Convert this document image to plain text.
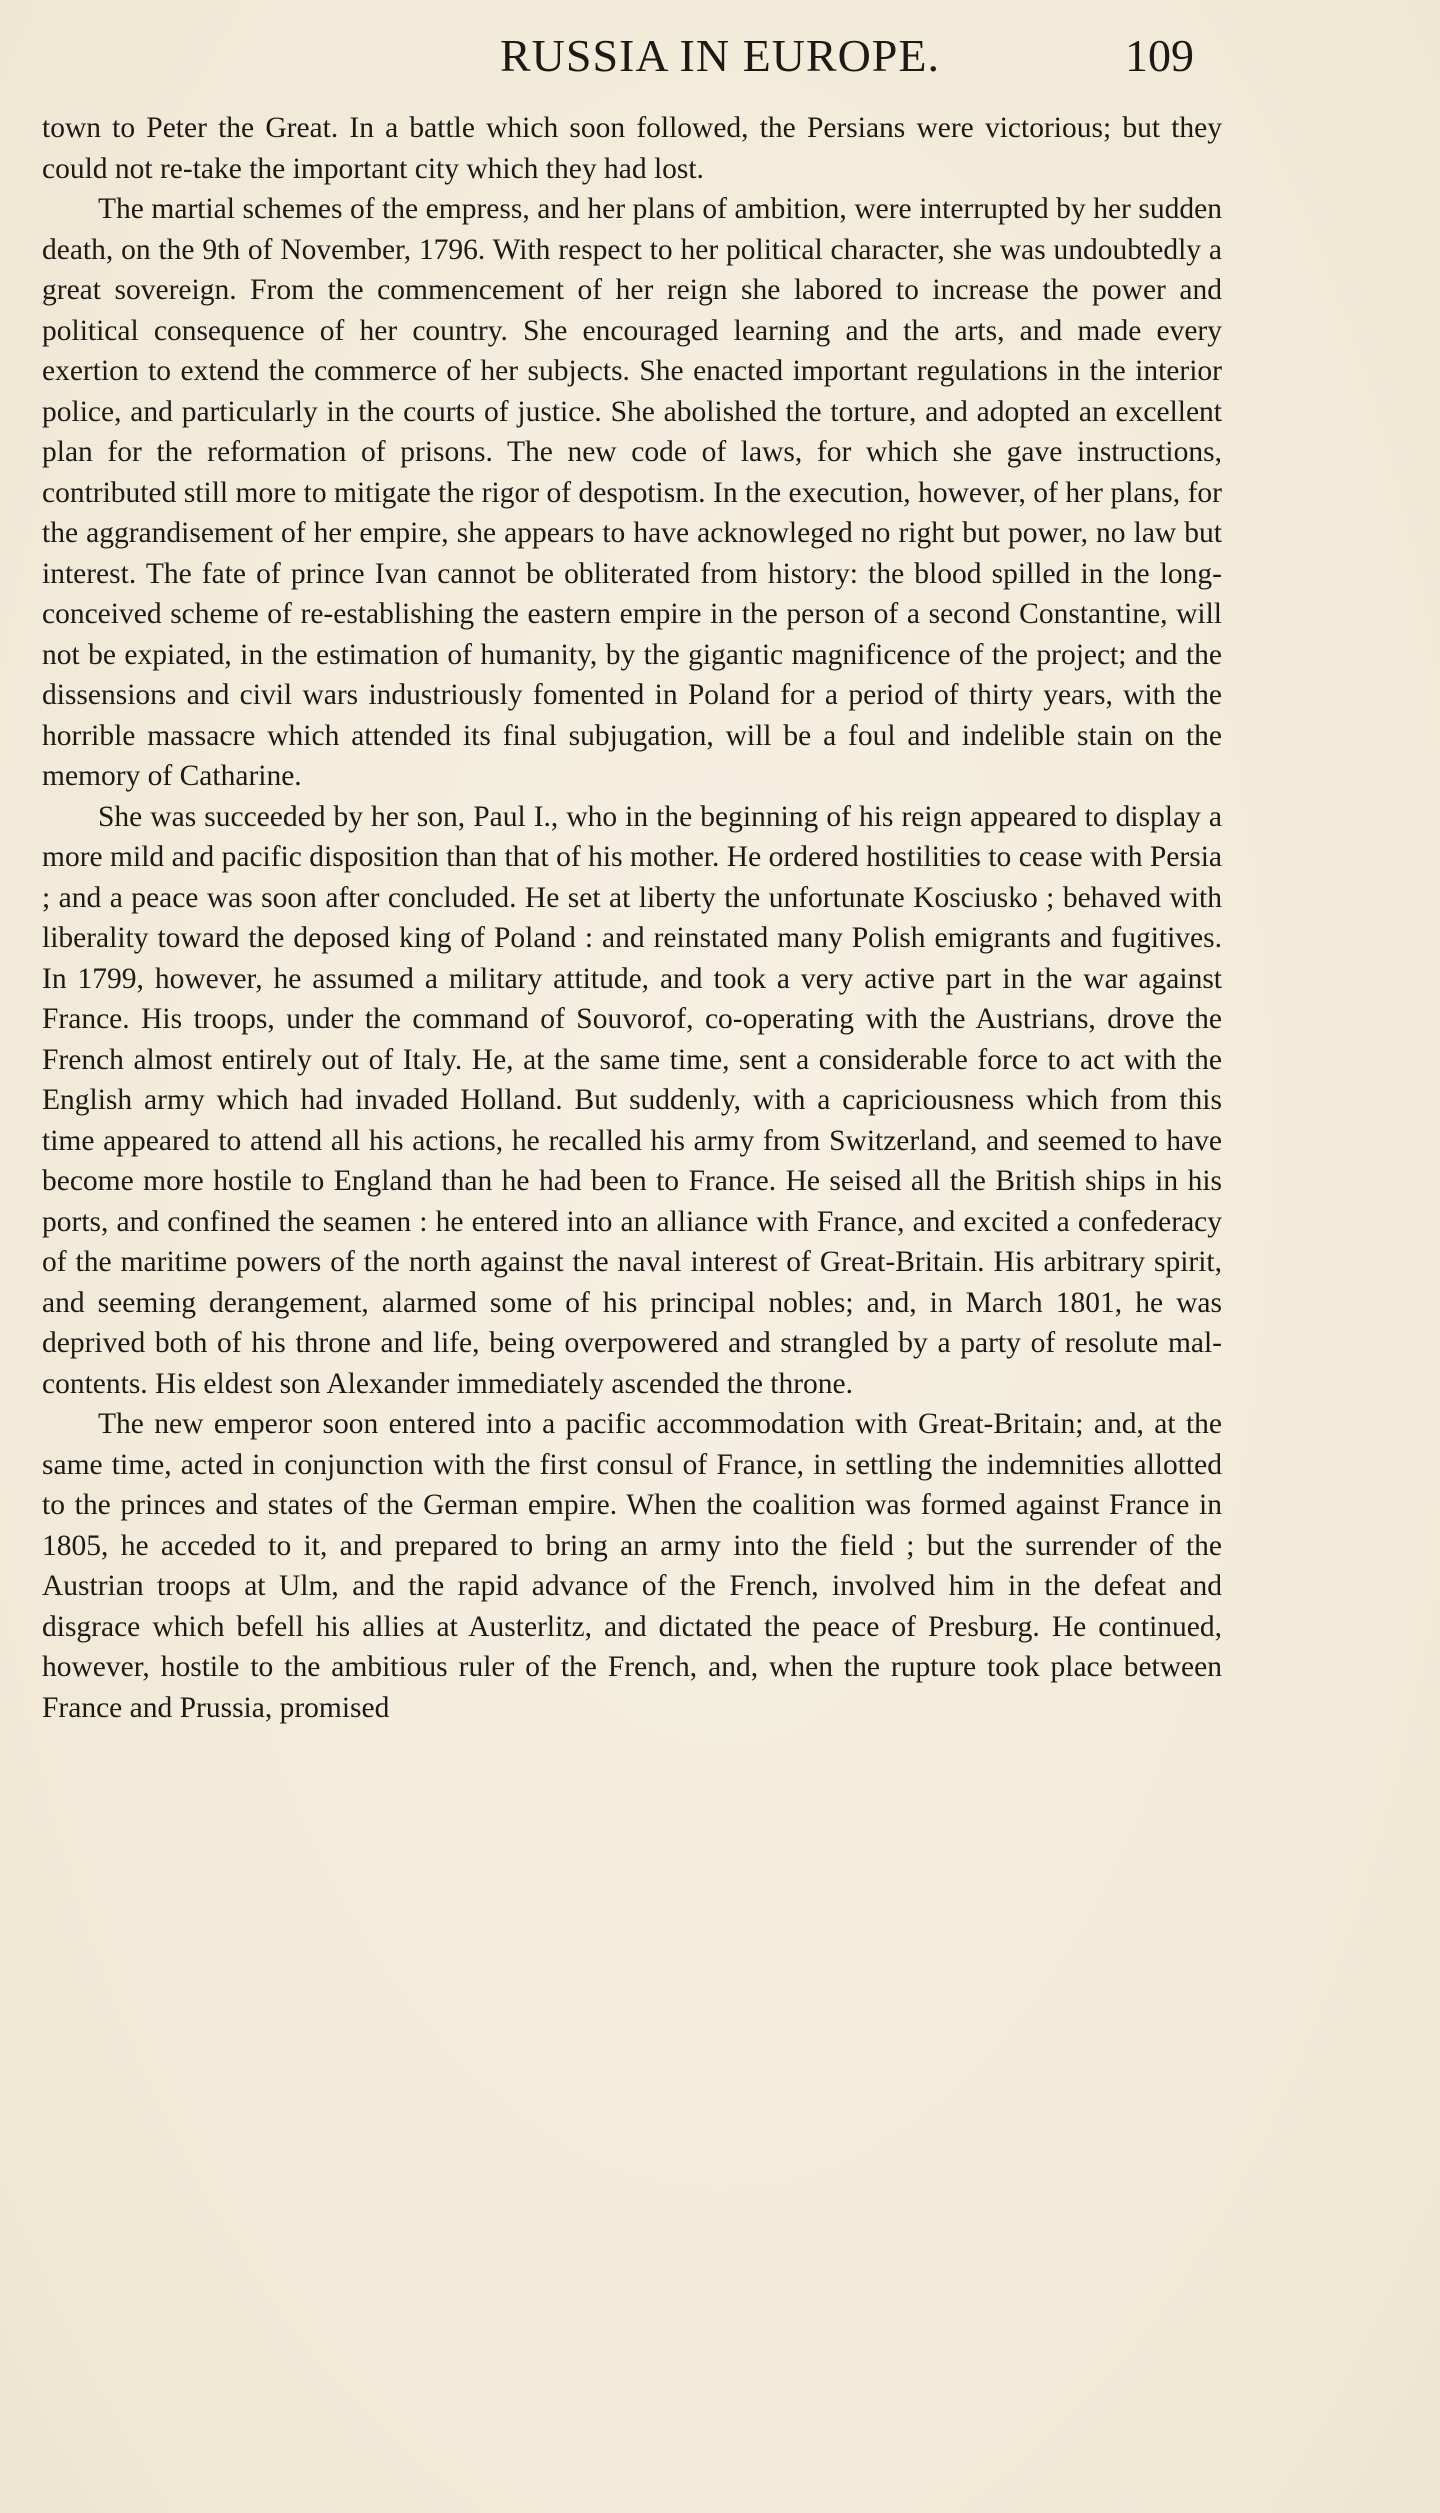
RUSSIA IN EUROPE.	109

town to Peter the Great. In a battle which soon followed, the Persians were victorious; but they could not re-take the important city which they had lost.

The martial schemes of the empress, and her plans of ambition, were interrupted by her sudden death, on the 9th of November, 1796. With respect to her political character, she was undoubtedly a great sovereign. From the commencement of her reign she labored to increase the power and political consequence of her country. She encouraged learning and the arts, and made every exertion to extend the commerce of her subjects. She enacted important regulations in the interior police, and particularly in the courts of justice. She abolished the torture, and adopted an excellent plan for the reformation of prisons. The new code of laws, for which she gave instructions, contributed still more to mitigate the rigor of despotism. In the execution, however, of her plans, for the aggrandisement of her empire, she appears to have acknowleged no right but power, no law but interest. The fate of prince Ivan cannot be obliterated from history: the blood spilled in the long-conceived scheme of re-establishing the eastern empire in the person of a second Constantine, will not be expiated, in the estimation of humanity, by the gigantic magnificence of the project; and the dissensions and civil wars industriously fomented in Poland for a period of thirty years, with the horrible massacre which attended its final subjugation, will be a foul and indelible stain on the memory of Catharine.

She was succeeded by her son, Paul I., who in the beginning of his reign appeared to display a more mild and pacific disposition than that of his mother. He ordered hostilities to cease with Persia ; and a peace was soon after concluded. He set at liberty the unfortunate Kosciusko ; behaved with liberality toward the deposed king of Poland : and reinstated many Polish emigrants and fugitives. In 1799, however, he assumed a military attitude, and took a very active part in the war against France. His troops, under the command of Souvorof, co-operating with the Austrians, drove the French almost entirely out of Italy. He, at the same time, sent a considerable force to act with the English army which had invaded Holland. But suddenly, with a capriciousness which from this time appeared to attend all his actions, he recalled his army from Switzerland, and seemed to have become more hostile to England than he had been to France. He seised all the British ships in his ports, and confined the seamen : he entered into an alliance with France, and excited a confederacy of the maritime powers of the north against the naval interest of Great-Britain. His arbitrary spirit, and seeming derangement, alarmed some of his principal nobles; and, in March 1801, he was deprived both of his throne and life, being overpowered and strangled by a party of resolute mal-contents. His eldest son Alexander immediately ascended the throne.

The new emperor soon entered into a pacific accommodation with Great-Britain; and, at the same time, acted in conjunction with the first consul of France, in settling the indemnities allotted to the princes and states of the German empire. When the coalition was formed against France in 1805, he acceded to it, and prepared to bring an army into the field ; but the surrender of the Austrian troops at Ulm, and the rapid advance of the French, involved him in the defeat and disgrace which befell his allies at Austerlitz, and dictated the peace of Presburg. He continued, however, hostile to the ambitious ruler of the French, and, when the rupture took place between France and Prussia, promised
